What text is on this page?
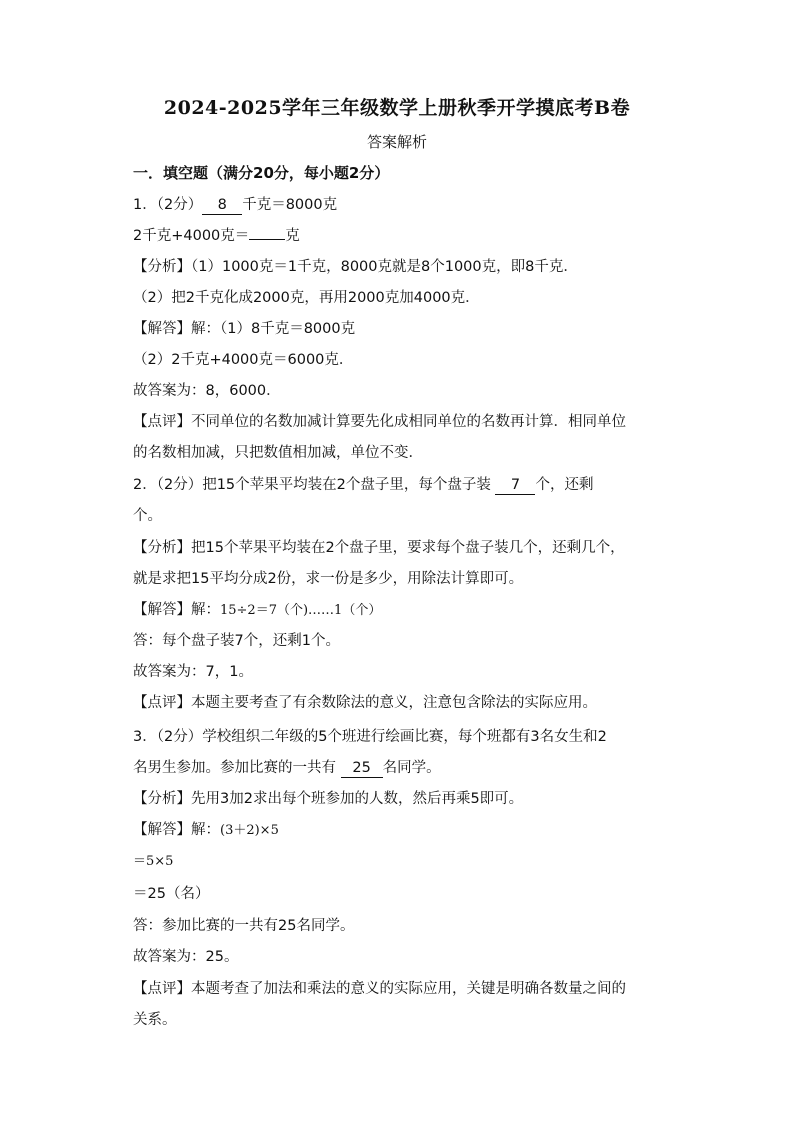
2024-2025学年三年级数学上册秋季开学摸底考B卷
答案解析
一．填空题（满分20分，每小题2分）
1．（2分） 8 千克＝8000克
2千克+4000克＝ 克
【分析】（1）1000克＝1千克，8000克就是8个1000克，即8千克．
（2）把2千克化成2000克，再用2000克加4000克．
【解答】解：（1）8千克＝8000克
（2）2千克+4000克＝6000克．
故答案为：8，6000．
【点评】不同单位的名数加减计算要先化成相同单位的名数再计算．相同单位
的名数相加减，只把数值相加减，单位不变．
2．（2分）把15个苹果平均装在2个盘子里，每个盘子装 7 个，还剩
个。
【分析】把15个苹果平均装在2个盘子里，要求每个盘子装几个，还剩几个，
就是求把15平均分成2份，求一份是多少，用除法计算即可。
【解答】解：15÷2＝7（个)……1（个）
答：每个盘子装7个，还剩1个。
故答案为：7，1。
【点评】本题主要考查了有余数除法的意义，注意包含除法的实际应用。
3．（2分）学校组织二年级的5个班进行绘画比赛，每个班都有3名女生和2
名男生参加。参加比赛的一共有 25 名同学。
【分析】先用3加2求出每个班参加的人数，然后再乘5即可。
【解答】解：(3＋2)×5
＝5×5
＝25（名）
答：参加比赛的一共有25名同学。
故答案为：25。
【点评】本题考查了加法和乘法的意义的实际应用，关键是明确各数量之间的
关系。
